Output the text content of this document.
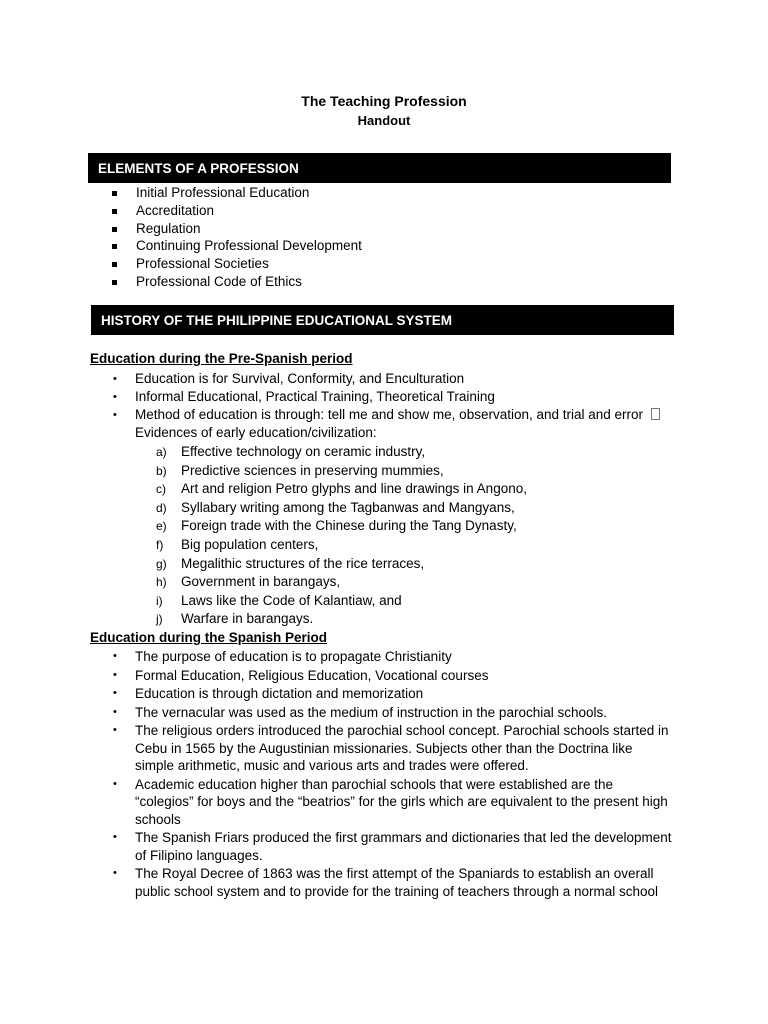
The Teaching Profession
Handout
ELEMENTS OF A PROFESSION
Initial Professional Education
Accreditation
Regulation
Continuing Professional Development
Professional Societies
Professional Code of Ethics
HISTORY OF THE PHILIPPINE EDUCATIONAL SYSTEM
Education during the Pre-Spanish period
• Education is for Survival, Conformity, and Enculturation
• Informal Educational, Practical Training, Theoretical Training
• Method of education is through: tell me and show me, observation, and trial and error
Evidences of early education/civilization:
a)	Effective technology on ceramic industry,
b)	Predictive sciences in preserving mummies,
c)	Art and religion Petro glyphs and line drawings in Angono,
d)	Syllabary writing among the Tagbanwas and Mangyans,
e)	Foreign trade with the Chinese during the Tang Dynasty,
f)	Big population centers,
g)	Megalithic structures of the rice terraces,
h)	Government in barangays,
i)	Laws like the Code of Kalantiaw, and
j)	Warfare in barangays.
Education during the Spanish Period
• The purpose of education is to propagate Christianity
• Formal Education, Religious Education, Vocational courses
• Education is through dictation and memorization
• The vernacular was used as the medium of instruction in the parochial schools.
• The religious orders introduced the parochial school concept. Parochial schools started in Cebu in 1565 by the Augustinian missionaries. Subjects other than the Doctrina like simple arithmetic, music and various arts and trades were offered.
• Academic education higher than parochial schools that were established are the “colegios” for boys and the “beatrios” for the girls which are equivalent to the present high schools
• The Spanish Friars produced the first grammars and dictionaries that led the development of Filipino languages.
• The Royal Decree of 1863 was the first attempt of the Spaniards to establish an overall public school system and to provide for the training of teachers through a normal school
